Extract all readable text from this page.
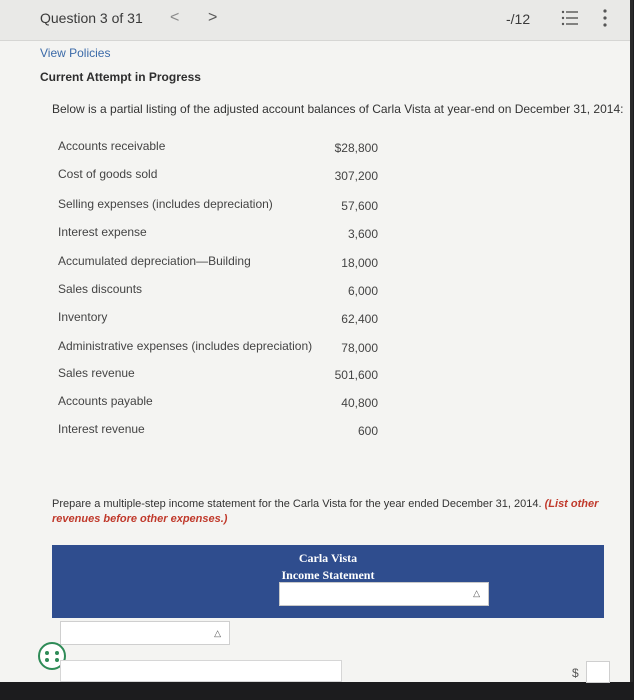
Question 3 of 31 < >	-/12
View Policies
Current Attempt in Progress
Below is a partial listing of the adjusted account balances of Carla Vista at year-end on December 31, 2014:
Accounts receivable	$28,800
Cost of goods sold	307,200
Selling expenses (includes depreciation)	57,600
Interest expense	3,600
Accumulated depreciation—Building	18,000
Sales discounts	6,000
Inventory	62,400
Administrative expenses (includes depreciation) 78,000
Sales revenue	501,600
Accounts payable	40,800
Interest revenue	600
Prepare a multiple-step income statement for the Carla Vista for the year ended December 31, 2014. (List other revenues before other expenses.)
Carla Vista
Income Statement
△
△
$
